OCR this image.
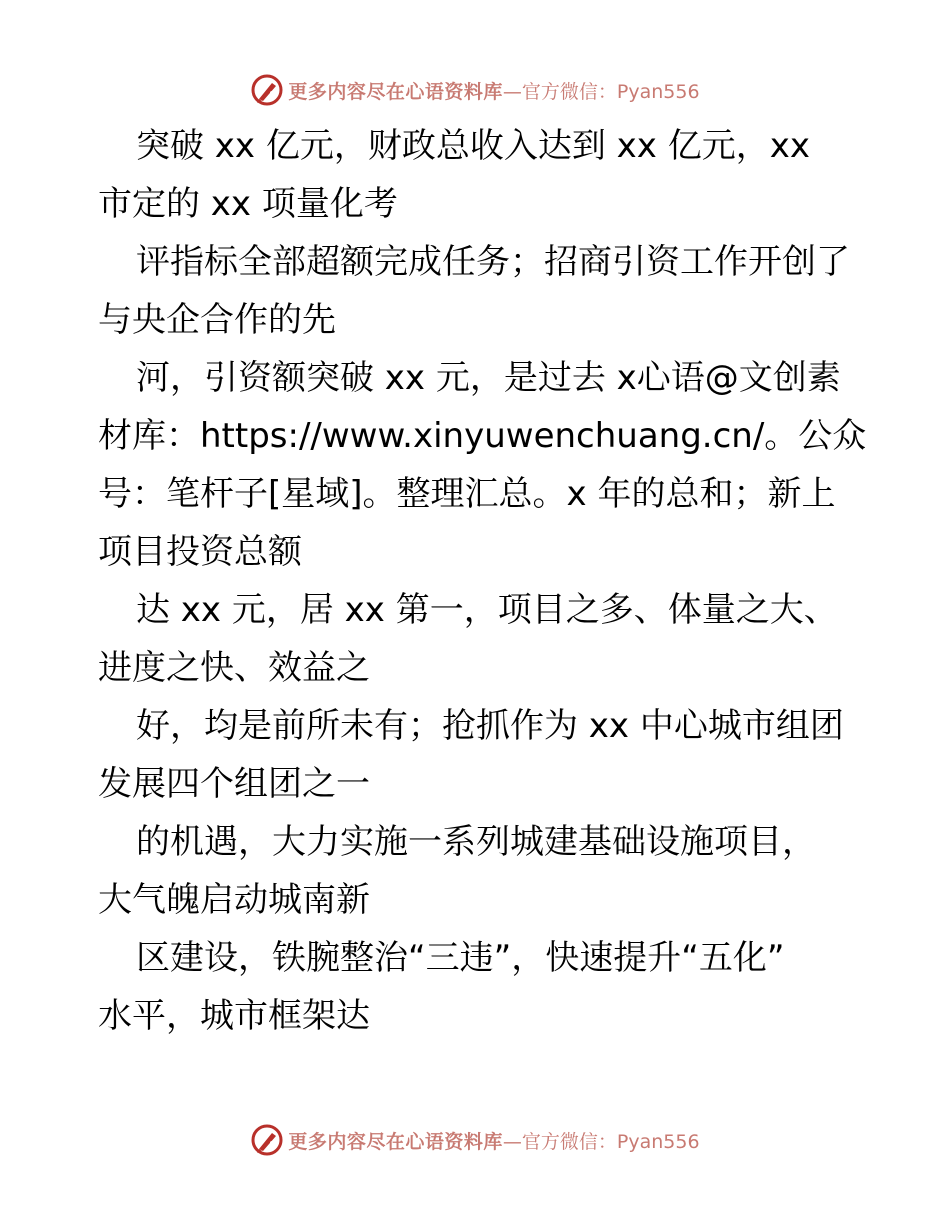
更多内容尽在心语资料库 —官方微信：Pyan556
突破 xx 亿元，财政总收入达到 xx 亿元，xx
市定的 xx 项量化考
评指标全部超额完成任务；招商引资工作开创了
与央企合作的先
河，引资额突破 xx 元，是过去 x心语@文创素
材库：https://www.xinyuwenchuang.cn/。公众
号：笔杆子[星域]。整理汇总。x 年的总和；新上
项目投资总额
达 xx 元，居 xx 第一，项目之多、体量之大、
进度之快、效益之
好，均是前所未有；抢抓作为 xx 中心城市组团
发展四个组团之一
的机遇，大力实施一系列城建基础设施项目，
大气魄启动城南新
区建设，铁腕整治“三违”，快速提升“五化”
水平，城市框架达
更多内容尽在心语资料库 —官方微信：Pyan556
